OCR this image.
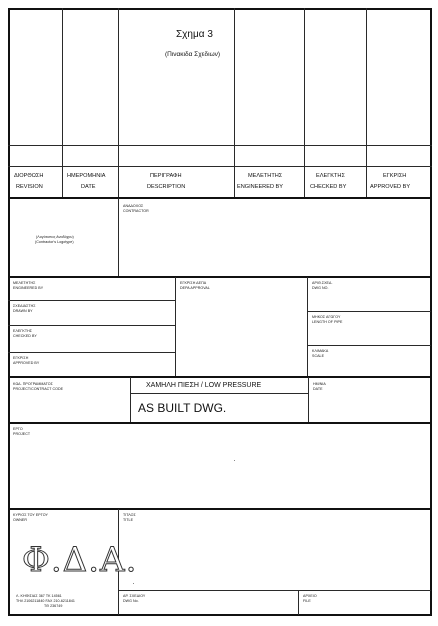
Σχημα 3
(Πινακιδα Σχεδιων)
ΔΙΟΡΘΩΣΗ
REVISION
ΗΜΕΡΟΜΗΝΙΑ
DATE
ΠΕΡΙΓΡΑΦΗ
DESCRIPTION
ΜΕΛΕΤΗΤΗΣ
ENGINEERED BY
ΕΛΕΓΚΤΗΣ
CHECKED BY
ΕΓΚΡΙΣΗ
APPROVED BY
(Λογότυπος Αναδόχου)
(Contractor's Logotype)
ΑΝΑΔΟΧΟΣ
CONTRACTOR
ΜΕΛΕΤΗΤΗΣ
ENGINEERED BY
ΣΧΕΔΙΑΣΤΗΣ
DRAWN BY
ΕΛΕΓΚΤΗΣ
CHECKED BY
ΕΓΚΡΙΣΗ
APPROVED BY
ΕΓΚΡΙΣΗ ΔΕΠΑ
DEPA APPROVAL
ΑΡΙΘ.ΣΧΕΔ.
DWG NO.
ΜΗΚΟΣ ΑΓΩΓΟΥ
LENGTH OF PIPE
ΚΛΙΜΑΚΑ
SCALE
ΚΩΔ. ΠΡΟΓΡΑΜΜΑΤΟΣ
PROJECT/CONTRACT CODE	ΧΑΜΗΛΗ ΠΙΕΣΗ / LOW PRESSURE
AS BUILT DWG.
ΗΜ/ΝΙΑ
DATE
ΕΡΓΟ
PROJECT
ΚΥΡΙΟΣ ΤΟΥ ΕΡΓΟΥ
OWNER
Φ.Δ.Α.
Λ. ΚΗΦΙΣΙΑΣ 367 ΤΚ 14561
ΤΗΛ 2106211840 FAX 210-6211841
ΤΘ 236749
ΤΙΤΛΟΣ
TITLE
ΑΡ. ΣΧΕΔΙΟΥ
DWG No.
ΑΡΧΕΙΟ
FILE
